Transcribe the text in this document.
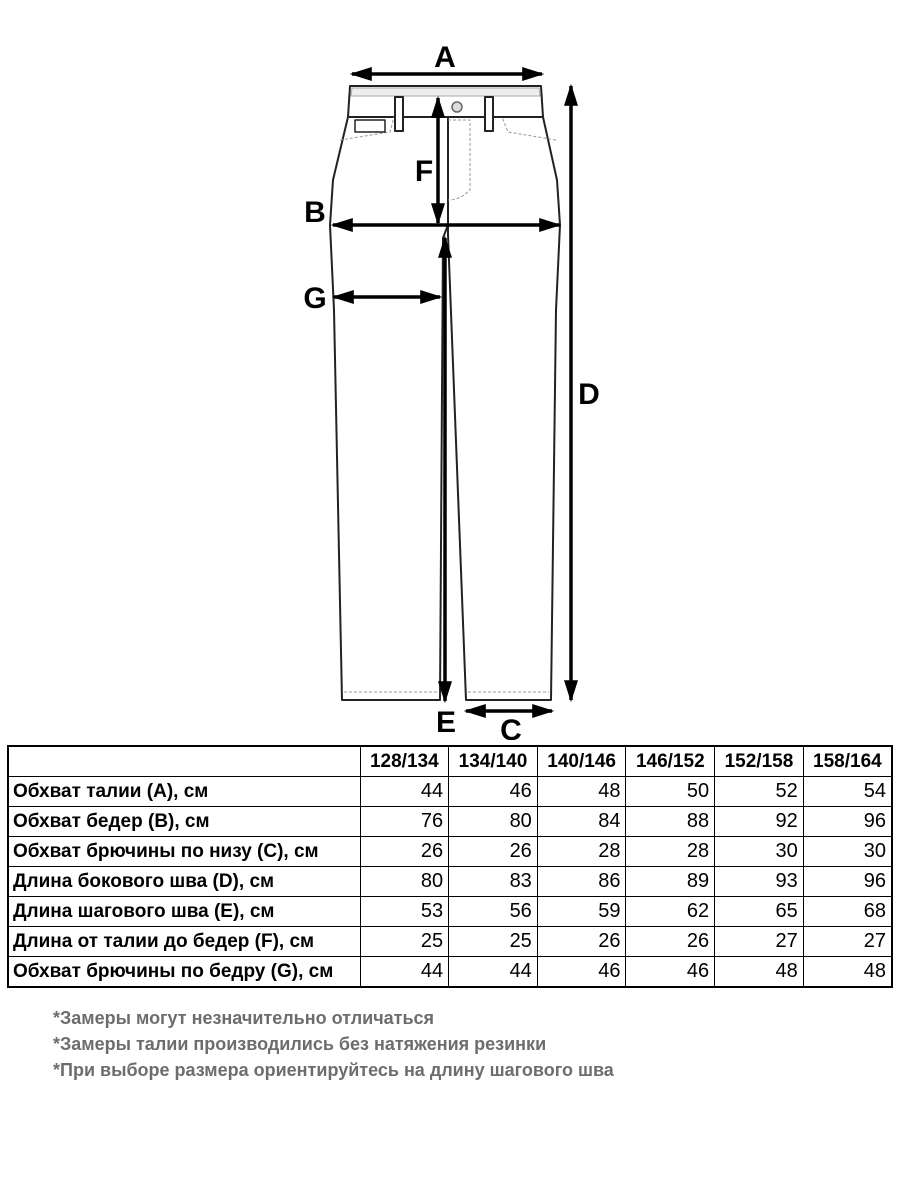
A
B
C
D
E
F
G
	128/134	134/140	140/146	146/152	152/158	158/164
Обхват талии (A), см	44	46	48	50	52	54
Обхват бедер (B), см	76	80	84	88	92	96
Обхват брючины по низу (C), см	26	26	28	28	30	30
Длина бокового шва (D), см	80	83	86	89	93	96
Длина шагового шва (E), см	53	56	59	62	65	68
Длина от талии до бедер (F), см	25	25	26	26	27	27
Обхват брючины по бедру (G), см	44	44	46	46	48	48
*Замеры могут незначительно отличаться
*Замеры талии производились без натяжения резинки
*При выборе размера ориентируйтесь на длину шагового шва
